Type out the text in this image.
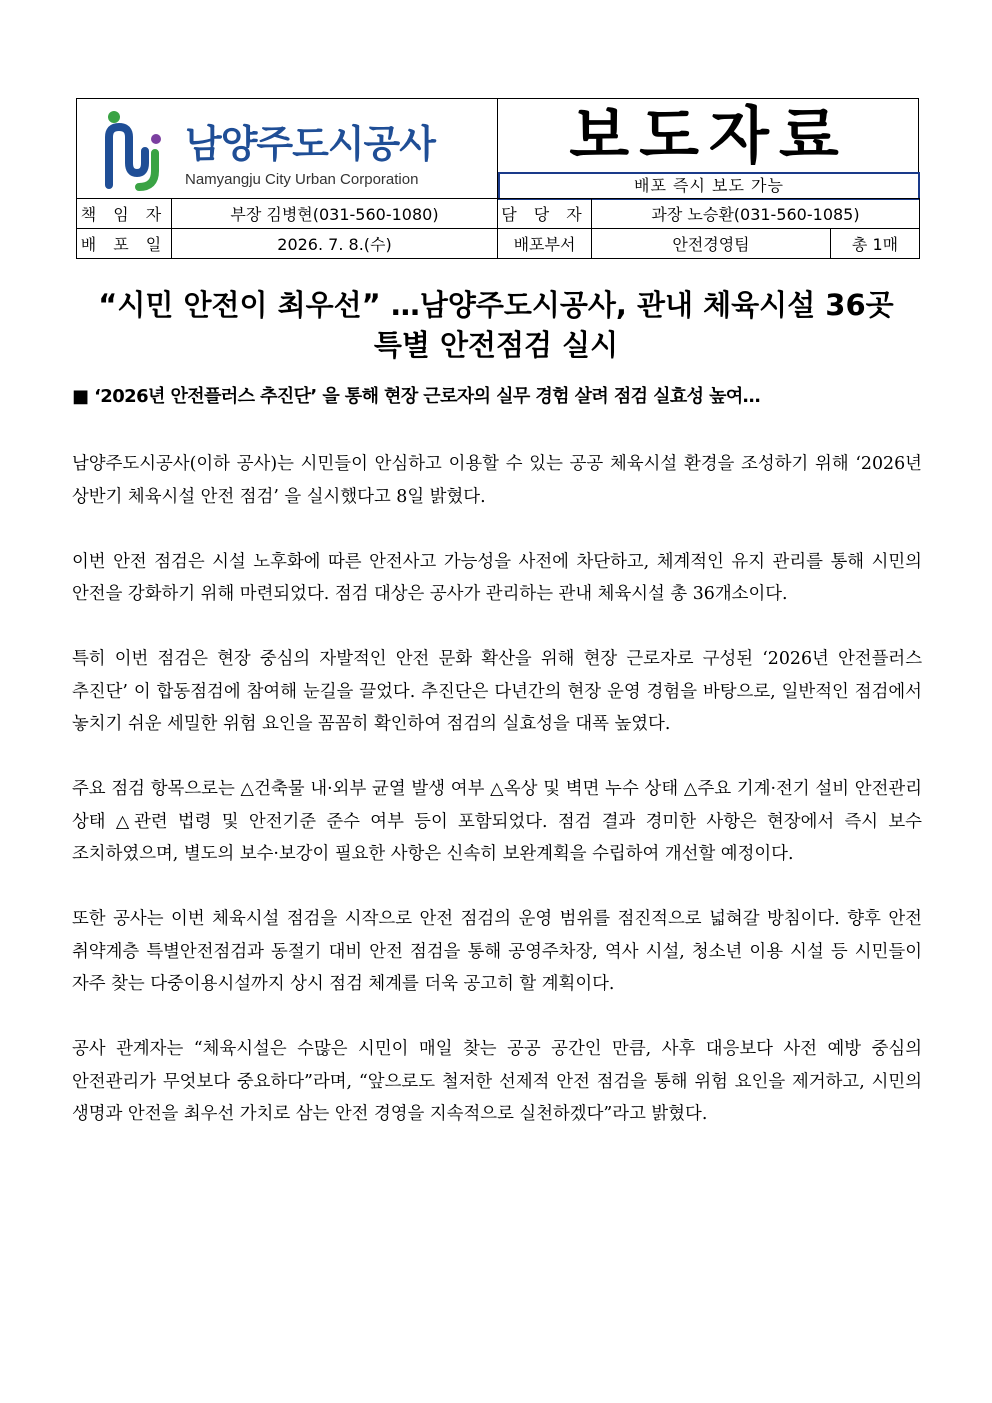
남양주도시공사
Namyangju City Urban Corporation
보도자료
배포 즉시 보도 가능
책 임 자	부장 김병현(031-560-1080)	담 당 자	과장 노승환(031-560-1085)	
배 포 일	2026. 7. 8.(수)	배포부서	안전경영팀	총 1매
“시민 안전이 최우선” …남양주도시공사, 관내 체육시설 36곳
특별 안전점검 실시
■ ‘2026년 안전플러스 추진단’ 을 통해 현장 근로자의 실무 경험 살려 점검 실효성 높여…

남양주도시공사(이하 공사)는 시민들이 안심하고 이용할 수 있는 공공 체육시설 환경을 조성하기 위해 ‘2026년 상반기 체육시설 안전 점검’ 을 실시했다고 8일 밝혔다.

이번 안전 점검은 시설 노후화에 따른 안전사고 가능성을 사전에 차단하고, 체계적인 유지 관리를 통해 시민의 안전을 강화하기 위해 마련되었다. 점검 대상은 공사가 관리하는 관내 체육시설 총 36개소이다.

특히 이번 점검은 현장 중심의 자발적인 안전 문화 확산을 위해 현장 근로자로 구성된 ‘2026년 안전플러스 추진단’ 이 합동점검에 참여해 눈길을 끌었다. 추진단은 다년간의 현장 운영 경험을 바탕으로, 일반적인 점검에서 놓치기 쉬운 세밀한 위험 요인을 꼼꼼히 확인하여 점검의 실효성을 대폭 높였다.

주요 점검 항목으로는 △건축물 내·외부 균열 발생 여부 △옥상 및 벽면 누수 상태 △주요 기계·전기 설비 안전관리 상태 △관련 법령 및 안전기준 준수 여부 등이 포함되었다. 점검 결과 경미한 사항은 현장에서 즉시 보수 조치하였으며, 별도의 보수·보강이 필요한 사항은 신속히 보완계획을 수립하여 개선할 예정이다.

또한 공사는 이번 체육시설 점검을 시작으로 안전 점검의 운영 범위를 점진적으로 넓혀갈 방침이다. 향후 안전 취약계층 특별안전점검과 동절기 대비 안전 점검을 통해 공영주차장, 역사 시설, 청소년 이용 시설 등 시민들이 자주 찾는 다중이용시설까지 상시 점검 체계를 더욱 공고히 할 계획이다.

공사 관계자는 “체육시설은 수많은 시민이 매일 찾는 공공 공간인 만큼, 사후 대응보다 사전 예방 중심의 안전관리가 무엇보다 중요하다”라며, “앞으로도 철저한 선제적 안전 점검을 통해 위험 요인을 제거하고, 시민의 생명과 안전을 최우선 가치로 삼는 안전 경영을 지속적으로 실천하겠다”라고 밝혔다.
